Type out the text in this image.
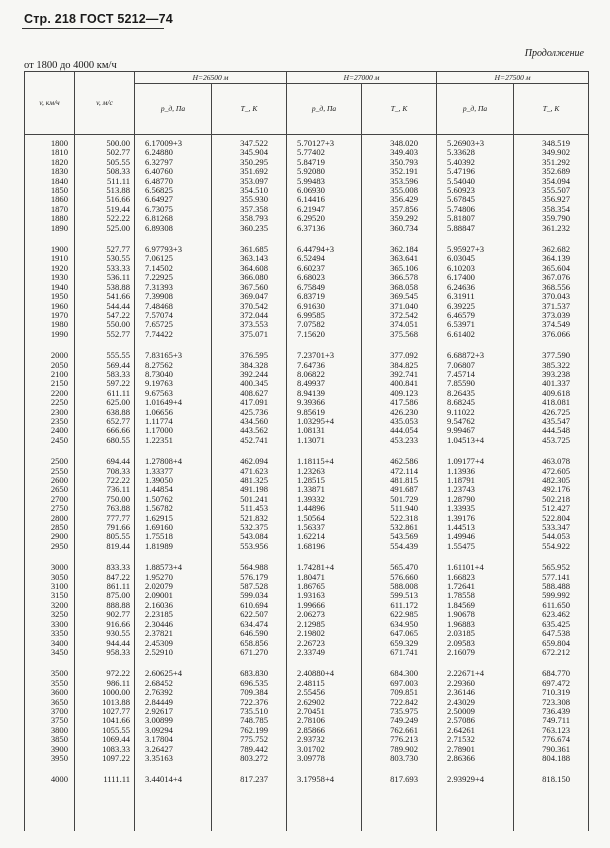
Стр. 218 ГОСТ 5212—74
Продолжение
от 1800 до 4000 км/ч
v, км/ч	v, м/с	H=26500 м		H=27000 м		H=27500 м	
		p_д, Па	T_, К	p_д, Па	T_, К	p_д, Па	T_, К
1800	500.00	6.17009+3	347.522	5.70127+3	348.020	5.26903+3	348.519
1810	502.77	6.24880	345.904	5.77402	349.403	5.33628	349.902
1820	505.55	6.32797	350.295	5.84719	350.793	5.40392	351.292
1830	508.33	6.40760	351.692	5.92080	352.191	5.47196	352.689
1840	511.11	6.48770	353.097	5.99483	353.596	5.54040	354.094
1850	513.88	6.56825	354.510	6.06930	355.008	5.60923	355.507
1860	516.66	6.64927	355.930	6.14416	356.429	5.67845	356.927
1870	519.44	6.73075	357.358	6.21947	357.856	5.74806	358.354
1880	522.22	6.81268	358.793	6.29520	359.292	5.81807	359.790
1890	525.00	6.89308	360.235	6.37136	360.734	5.88847	361.232
1900	527.77	6.97793+3	361.685	6.44794+3	362.184	5.95927+3	362.682
1910	530.55	7.06125	363.143	6.52494	363.641	6.03045	364.139
1920	533.33	7.14502	364.608	6.60237	365.106	6.10203	365.604
1930	536.11	7.22925	366.080	6.68023	366.578	6.17400	367.076
1940	538.88	7.31393	367.560	6.75849	368.058	6.24636	368.556
1950	541.66	7.39908	369.047	6.83719	369.545	6.31911	370.043
1960	544.44	7.48468	370.542	6.91630	371.040	6.39225	371.537
1970	547.22	7.57074	372.044	6.99585	372.542	6.46579	373.039
1980	550.00	7.65725	373.553	7.07582	374.051	6.53971	374.549
1990	552.77	7.74422	375.071	7.15620	375.568	6.61402	376.066
2000	555.55	7.83165+3	376.595	7.23701+3	377.092	6.68872+3	377.590
2050	569.44	8.27562	384.328	7.64736	384.825	7.06807	385.322
2100	583.33	8.73040	392.244	8.06822	392.741	7.45714	393.238
2150	597.22	9.19763	400.345	8.49937	400.841	7.85590	401.337
2200	611.11	9.67563	408.627	8.94139	409.123	8.26435	409.618
2250	625.00	1.01649+4	417.091	9.39366	417.586	8.68245	418.081
2300	638.88	1.06656	425.736	9.85619	426.230	9.11022	426.725
2350	652.77	1.11774	434.560	1.03295+4	435.053	9.54762	435.547
2400	666.66	1.17000	443.562	1.08131	444.054	9.99467	444.548
2450	680.55	1.22351	452.741	1.13071	453.233	1.04513+4	453.725
2500	694.44	1.27808+4	462.094	1.18115+4	462.586	1.09177+4	463.078
2550	708.33	1.33377	471.623	1.23263	472.114	1.13936	472.605
2600	722.22	1.39050	481.325	1.28515	481.815	1.18791	482.305
2650	736.11	1.44854	491.198	1.33871	491.687	1.23743	492.176
2700	750.00	1.50762	501.241	1.39332	501.729	1.28790	502.218
2750	763.88	1.56782	511.453	1.44896	511.940	1.33935	512.427
2800	777.77	1.62915	521.832	1.50564	522.318	1.39176	522.804
2850	791.66	1.69160	532.375	1.56337	532.861	1.44513	533.347
2900	805.55	1.75518	543.084	1.62214	543.569	1.49946	544.053
2950	819.44	1.81989	553.956	1.68196	554.439	1.55475	554.922
3000	833.33	1.88573+4	564.988	1.74281+4	565.470	1.61101+4	565.952
3050	847.22	1.95270	576.179	1.80471	576.660	1.66823	577.141
3100	861.11	2.02079	587.528	1.86765	588.008	1.72641	588.488
3150	875.00	2.09001	599.034	1.93163	599.513	1.78558	599.992
3200	888.88	2.16036	610.694	1.99666	611.172	1.84569	611.650
3250	902.77	2.23185	622.507	2.06273	622.985	1.90678	623.462
3300	916.66	2.30446	634.474	2.12985	634.950	1.96883	635.425
3350	930.55	2.37821	646.590	2.19802	647.065	2.03185	647.538
3400	944.44	2.45309	658.856	2.26723	659.329	2.09583	659.804
3450	958.33	2.52910	671.270	2.33749	671.741	2.16079	672.212
3500	972.22	2.60625+4	683.830	2.40880+4	684.300	2.22671+4	684.770
3550	986.11	2.68452	696.535	2.48115	697.003	2.29360	697.472
3600	1000.00	2.76392	709.384	2.55456	709.851	2.36146	710.319
3650	1013.88	2.84449	722.376	2.62902	722.842	2.43029	723.308
3700	1027.77	2.92617	735.510	2.70451	735.975	2.50009	736.439
3750	1041.66	3.00899	748.785	2.78106	749.249	2.57086	749.711
3800	1055.55	3.09294	762.199	2.85866	762.661	2.64261	763.123
3850	1069.44	3.17804	775.752	2.93732	776.213	2.71532	776.674
3900	1083.33	3.26427	789.442	3.01702	789.902	2.78901	790.361
3950	1097.22	3.35163	803.272	3.09778	803.730	2.86366	804.188
4000	1111.11	3.44014+4	817.237	3.17958+4	817.693	2.93929+4	818.150
